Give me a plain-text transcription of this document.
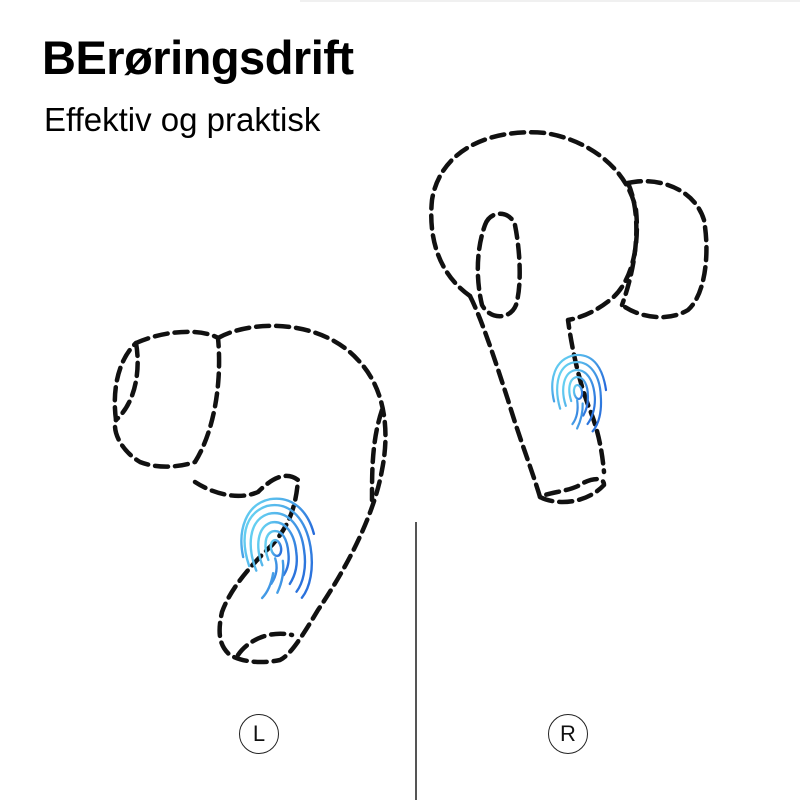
BErøringsdrift

Effektiv og praktisk

L	R
